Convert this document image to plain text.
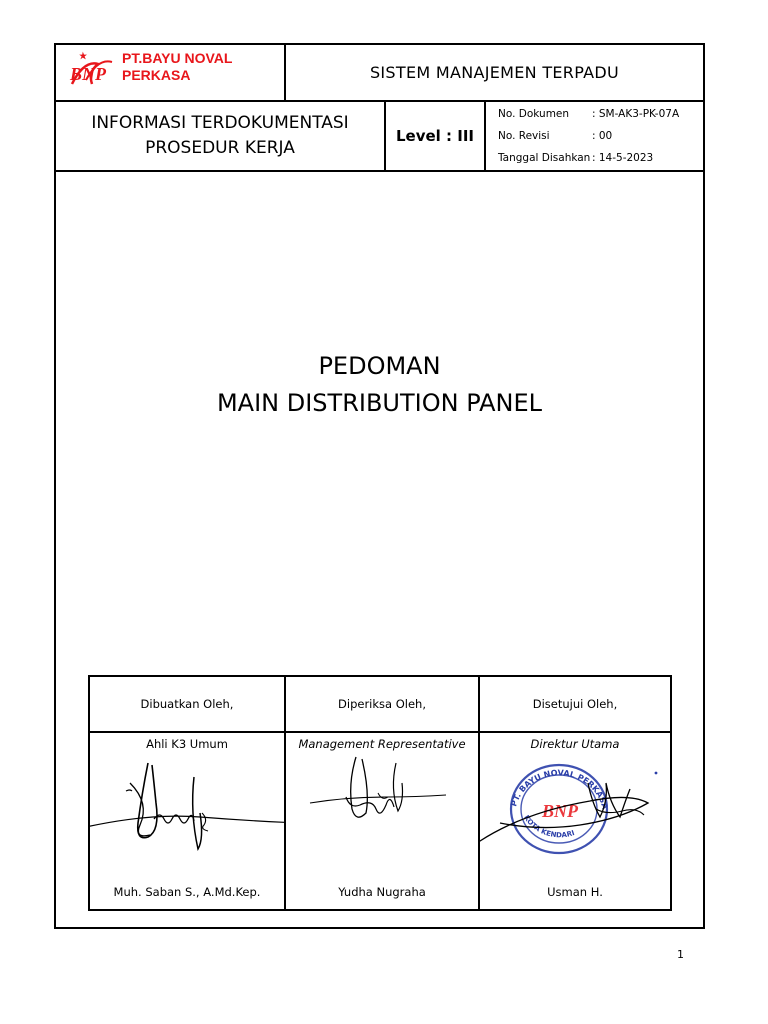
BNP
PT.BAYU NOVAL
PERKASA	SISTEM MANAJEMEN TERPADU
INFORMASI TERDOKUMENTASI
PROSEDUR KERJA
Level : III
No. Dokumen : SM-AK3-PK-07A
No. Revisi	: 00
Tanggal Disahkan : 14-5-2023
PEDOMAN
MAIN DISTRIBUTION PANEL
Dibuatkan Oleh,
Ahli K3 Umum
Muh. Saban S., A.Md.Kep.
Diperiksa Oleh,
Management Representative
Yudha Nugraha
Disetujui Oleh,
Direktur Utama
PT. BAYU NOVAL PERKASA
KOTA KENDARI
BNP
Usman H.
1
